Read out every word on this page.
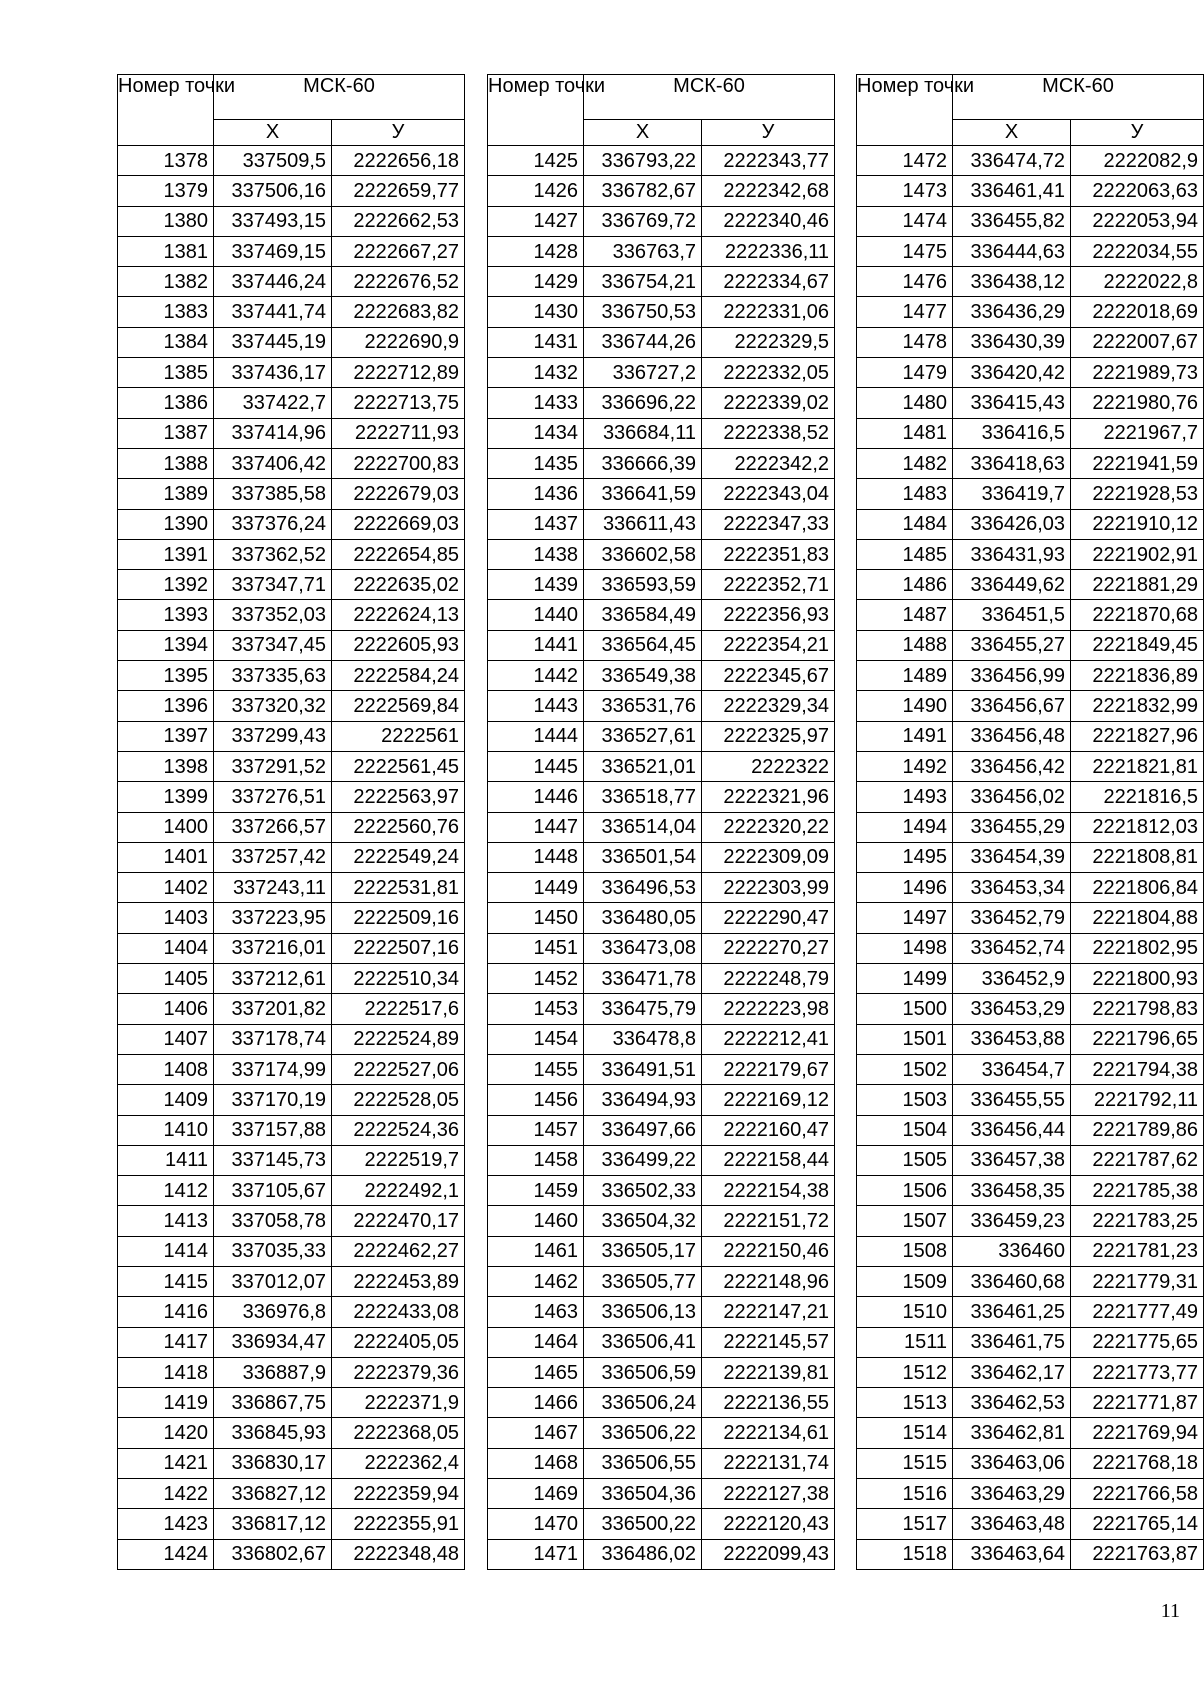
Номер точки	МСК-60	
	Х	У
1378	337509,5	2222656,18
1379	337506,16	2222659,77
1380	337493,15	2222662,53
1381	337469,15	2222667,27
1382	337446,24	2222676,52
1383	337441,74	2222683,82
1384	337445,19	2222690,9
1385	337436,17	2222712,89
1386	337422,7	2222713,75
1387	337414,96	2222711,93
1388	337406,42	2222700,83
1389	337385,58	2222679,03
1390	337376,24	2222669,03
1391	337362,52	2222654,85
1392	337347,71	2222635,02
1393	337352,03	2222624,13
1394	337347,45	2222605,93
1395	337335,63	2222584,24
1396	337320,32	2222569,84
1397	337299,43	2222561
1398	337291,52	2222561,45
1399	337276,51	2222563,97
1400	337266,57	2222560,76
1401	337257,42	2222549,24
1402	337243,11	2222531,81
1403	337223,95	2222509,16
1404	337216,01	2222507,16
1405	337212,61	2222510,34
1406	337201,82	2222517,6
1407	337178,74	2222524,89
1408	337174,99	2222527,06
1409	337170,19	2222528,05
1410	337157,88	2222524,36
1411	337145,73	2222519,7
1412	337105,67	2222492,1
1413	337058,78	2222470,17
1414	337035,33	2222462,27
1415	337012,07	2222453,89
1416	336976,8	2222433,08
1417	336934,47	2222405,05
1418	336887,9	2222379,36
1419	336867,75	2222371,9
1420	336845,93	2222368,05
1421	336830,17	2222362,4
1422	336827,12	2222359,94
1423	336817,12	2222355,91
1424	336802,67	2222348,48
Номер точки	МСК-60	
	Х	У
1425	336793,22	2222343,77
1426	336782,67	2222342,68
1427	336769,72	2222340,46
1428	336763,7	2222336,11
1429	336754,21	2222334,67
1430	336750,53	2222331,06
1431	336744,26	2222329,5
1432	336727,2	2222332,05
1433	336696,22	2222339,02
1434	336684,11	2222338,52
1435	336666,39	2222342,2
1436	336641,59	2222343,04
1437	336611,43	2222347,33
1438	336602,58	2222351,83
1439	336593,59	2222352,71
1440	336584,49	2222356,93
1441	336564,45	2222354,21
1442	336549,38	2222345,67
1443	336531,76	2222329,34
1444	336527,61	2222325,97
1445	336521,01	2222322
1446	336518,77	2222321,96
1447	336514,04	2222320,22
1448	336501,54	2222309,09
1449	336496,53	2222303,99
1450	336480,05	2222290,47
1451	336473,08	2222270,27
1452	336471,78	2222248,79
1453	336475,79	2222223,98
1454	336478,8	2222212,41
1455	336491,51	2222179,67
1456	336494,93	2222169,12
1457	336497,66	2222160,47
1458	336499,22	2222158,44
1459	336502,33	2222154,38
1460	336504,32	2222151,72
1461	336505,17	2222150,46
1462	336505,77	2222148,96
1463	336506,13	2222147,21
1464	336506,41	2222145,57
1465	336506,59	2222139,81
1466	336506,24	2222136,55
1467	336506,22	2222134,61
1468	336506,55	2222131,74
1469	336504,36	2222127,38
1470	336500,22	2222120,43
1471	336486,02	2222099,43
Номер точки	МСК-60	
	Х	У
1472	336474,72	2222082,9
1473	336461,41	2222063,63
1474	336455,82	2222053,94
1475	336444,63	2222034,55
1476	336438,12	2222022,8
1477	336436,29	2222018,69
1478	336430,39	2222007,67
1479	336420,42	2221989,73
1480	336415,43	2221980,76
1481	336416,5	2221967,7
1482	336418,63	2221941,59
1483	336419,7	2221928,53
1484	336426,03	2221910,12
1485	336431,93	2221902,91
1486	336449,62	2221881,29
1487	336451,5	2221870,68
1488	336455,27	2221849,45
1489	336456,99	2221836,89
1490	336456,67	2221832,99
1491	336456,48	2221827,96
1492	336456,42	2221821,81
1493	336456,02	2221816,5
1494	336455,29	2221812,03
1495	336454,39	2221808,81
1496	336453,34	2221806,84
1497	336452,79	2221804,88
1498	336452,74	2221802,95
1499	336452,9	2221800,93
1500	336453,29	2221798,83
1501	336453,88	2221796,65
1502	336454,7	2221794,38
1503	336455,55	2221792,11
1504	336456,44	2221789,86
1505	336457,38	2221787,62
1506	336458,35	2221785,38
1507	336459,23	2221783,25
1508	336460	2221781,23
1509	336460,68	2221779,31
1510	336461,25	2221777,49
1511	336461,75	2221775,65
1512	336462,17	2221773,77
1513	336462,53	2221771,87
1514	336462,81	2221769,94
1515	336463,06	2221768,18
1516	336463,29	2221766,58
1517	336463,48	2221765,14
1518	336463,64	2221763,87
11
